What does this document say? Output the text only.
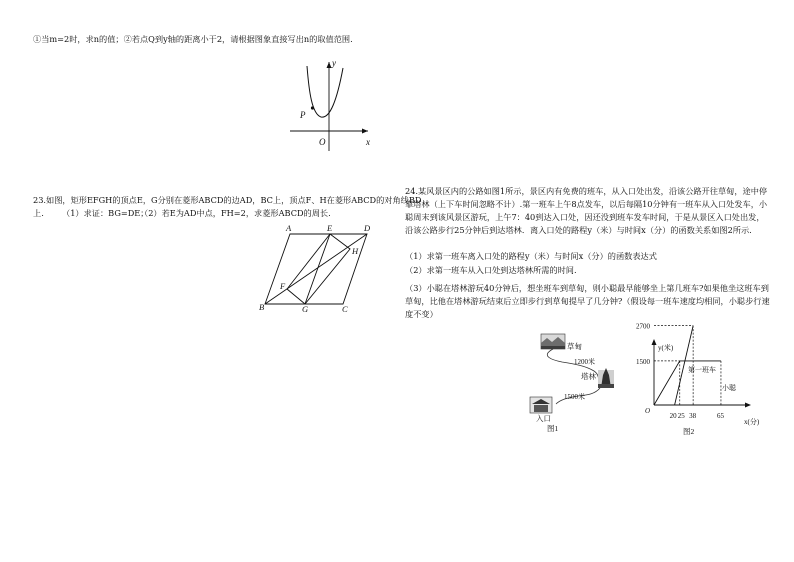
①当m=2时，求n的值；②若点Q到y轴的距离小于2，请根据图象直接写出n的取值范围.
y
x
O
P
23.如图，矩形EFGH的顶点E，G分别在菱形ABCD的边AD，BC上，顶点F、H在菱形ABCD的对角线BD
上. （1）求证：BG=DE；
（2）若E为AD中点，FH=2，求菱形ABCD的周长.
A	E	D
H
F
B	G	C
24.某风景区内的公路如图1所示，景区内有免费的班车，从入口处出发，沿该公路开往草甸，途中停靠塔林（上下车时间忽略不计）.第一班车上午8点发车，以后每隔10分钟有一班车从入口处发车，小聪周末到该风景区游玩，上午7：40到达入口处，因还没到班车发车时间，于是从景区入口处出发，沿该公路步行25分钟后到达塔林．离入口处的路程y（米）与时间x（分）的函数关系如图2所示.
（1）求第一班车离入口处的路程y（米）与时间x（分）的函数表达式
（2）求第一班车从入口处到达塔林所需的时间.
（3）小聪在塔林游玩40分钟后，想坐班车到草甸，则小聪最早能够坐上第几班车?如果他坐这班车到草甸，比他在塔林游玩结束后立即步行到草甸提早了几分钟?（假设每一班车速度均相同，小聪步行速度不变）
草甸
1200米
塔林
1500米
入口
图1
y(米)
x(分)
O
2700
1500
20 25 38	65
第一班车
小聪
图2
